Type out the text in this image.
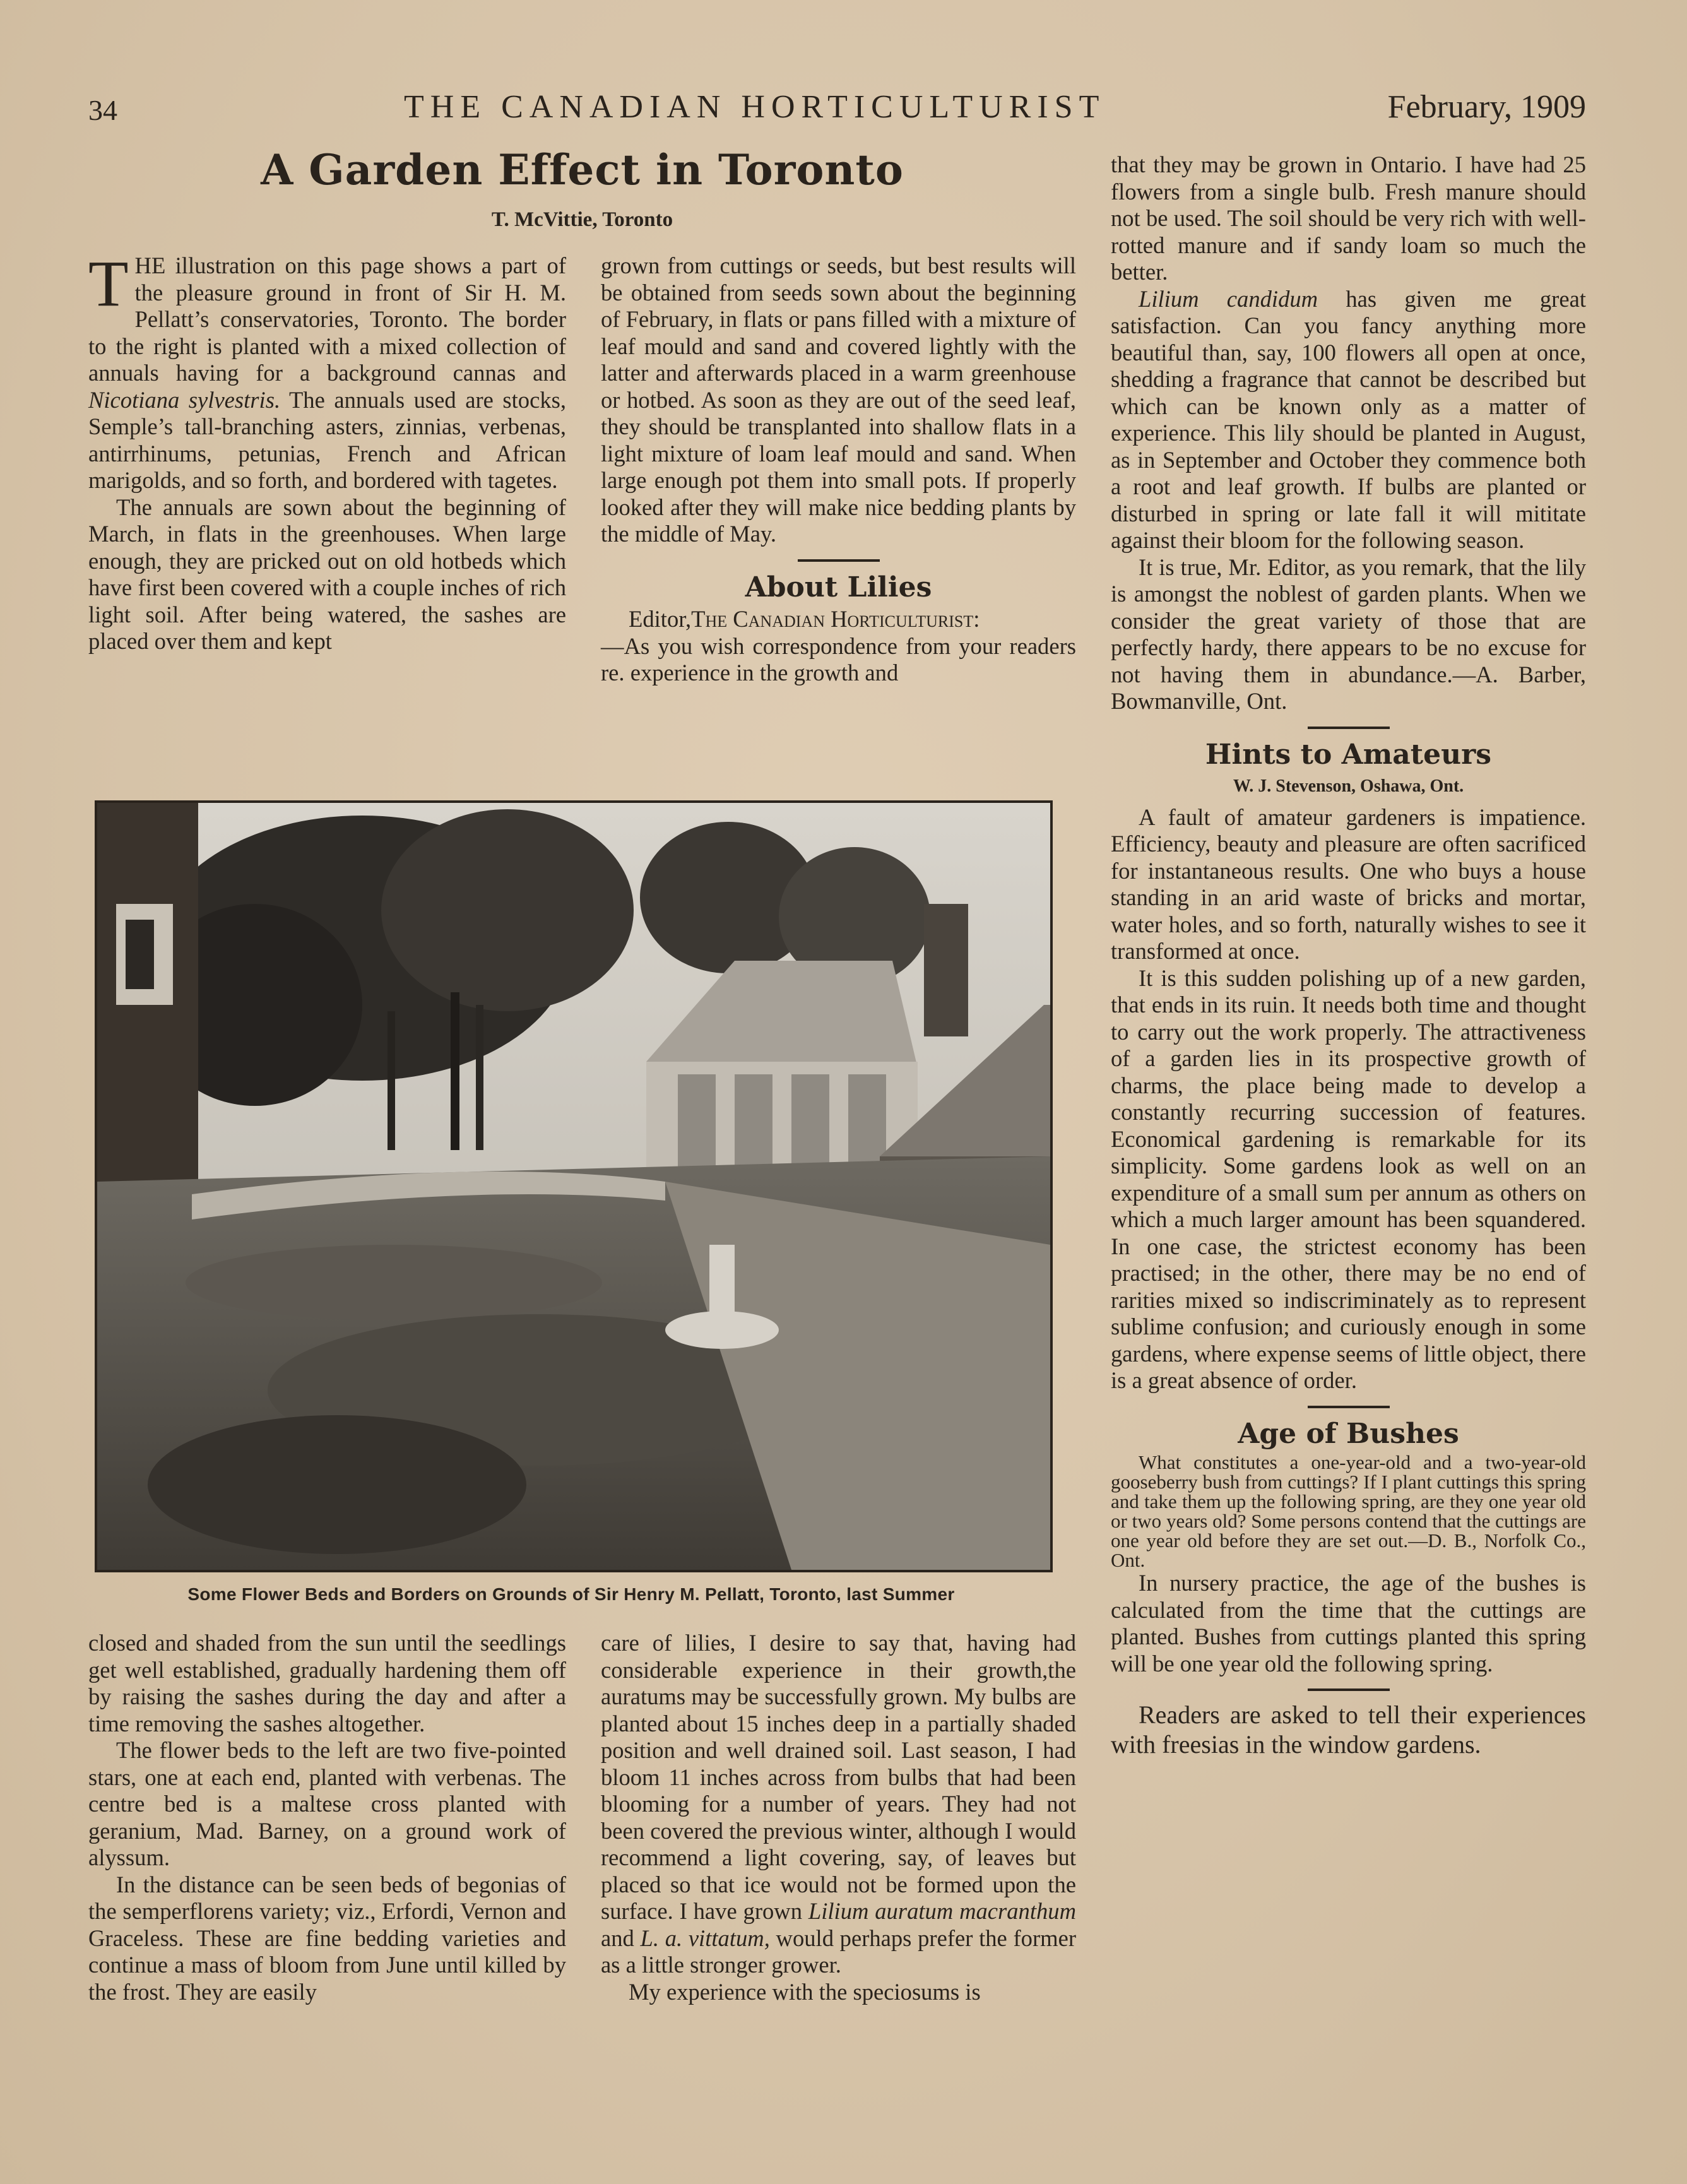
34	THE CANADIAN HORTICULTURIST	February, 1909
A Garden Effect in Toronto
T. McVittie, Toronto

THE illustration on this page shows a part of the pleasure ground in front of Sir H. M. Pellatt’s conservatories, Toronto. The border to the right is planted with a mixed collection of annuals having for a background cannas and Nicotiana sylvestris. The annuals used are stocks, Semple’s tall-branching asters, zinnias, verbenas, antirrhinums, petunias, French and African marigolds, and so forth, and bordered with tagetes.

The annuals are sown about the beginning of March, in flats in the greenhouses. When large enough, they are pricked out on old hotbeds which have first been covered with a couple inches of rich light soil. After being watered, the sashes are placed over them and kept

grown from cuttings or seeds, but best results will be obtained from seeds sown about the beginning of February, in flats or pans filled with a mixture of leaf mould and sand and covered lightly with the latter and afterwards placed in a warm greenhouse or hotbed. As soon as they are out of the seed leaf, they should be transplanted into shallow flats in a light mixture of loam leaf mould and sand. When large enough pot them into small pots. If properly looked after they will make nice bedding plants by the middle of May.

About Lilies

Editor,The Canadian Horticulturist:

—As you wish correspondence from your readers re. experience in the growth and

Some Flower Beds and Borders on Grounds of Sir Henry M. Pellatt, Toronto, last Summer

closed and shaded from the sun until the seedlings get well established, gradually hardening them off by raising the sashes during the day and after a time removing the sashes altogether.

The flower beds to the left are two five-pointed stars, one at each end, planted with verbenas. The centre bed is a maltese cross planted with geranium, Mad. Barney, on a ground work of alyssum.

In the distance can be seen beds of begonias of the semperflorens variety; viz., Erfordi, Vernon and Graceless. These are fine bedding varieties and continue a mass of bloom from June until killed by the frost. They are easily

care of lilies, I desire to say that, having had considerable experience in their growth,the auratums may be successfully grown. My bulbs are planted about 15 inches deep in a partially shaded position and well drained soil. Last season, I had bloom 11 inches across from bulbs that had been blooming for a number of years. They had not been covered the previous winter, although I would recommend a light covering, say, of leaves but placed so that ice would not be formed upon the surface. I have grown Lilium auratum macranthum and L. a. vittatum, would perhaps prefer the former as a little stronger grower.

My experience with the speciosums is

that they may be grown in Ontario. I have had 25 flowers from a single bulb. Fresh manure should not be used. The soil should be very rich with well-rotted manure and if sandy loam so much the better.

Lilium candidum has given me great satisfaction. Can you fancy anything more beautiful than, say, 100 flowers all open at once, shedding a fragrance that cannot be described but which can be known only as a matter of experience. This lily should be planted in August, as in September and October they commence both a root and leaf growth. If bulbs are planted or disturbed in spring or late fall it will mititate against their bloom for the following season.

It is true, Mr. Editor, as you remark, that the lily is amongst the noblest of garden plants. When we consider the great variety of those that are perfectly hardy, there appears to be no excuse for not having them in abundance.—A. Barber, Bowmanville, Ont.

Hints to Amateurs
W. J. Stevenson, Oshawa, Ont.

A fault of amateur gardeners is impatience. Efficiency, beauty and pleasure are often sacrificed for instantaneous results. One who buys a house standing in an arid waste of bricks and mortar, water holes, and so forth, naturally wishes to see it transformed at once.

It is this sudden polishing up of a new garden, that ends in its ruin. It needs both time and thought to carry out the work properly. The attractiveness of a garden lies in its prospective growth of charms, the place being made to develop a constantly recurring succession of features. Economical gardening is remarkable for its simplicity. Some gardens look as well on an expenditure of a small sum per annum as others on which a much larger amount has been squandered. In one case, the strictest economy has been practised; in the other, there may be no end of rarities mixed so indiscriminately as to represent sublime confusion; and curiously enough in some gardens, where expense seems of little object, there is a great absence of order.

Age of Bushes

What constitutes a one-year-old and a two-year-old gooseberry bush from cuttings? If I plant cuttings this spring and take them up the following spring, are they one year old or two years old? Some persons contend that the cuttings are one year old before they are set out.—D. B., Norfolk Co., Ont.

In nursery practice, the age of the bushes is calculated from the time that the cuttings are planted. Bushes from cuttings planted this spring will be one year old the following spring.

Readers are asked to tell their experiences with freesias in the window gardens.
